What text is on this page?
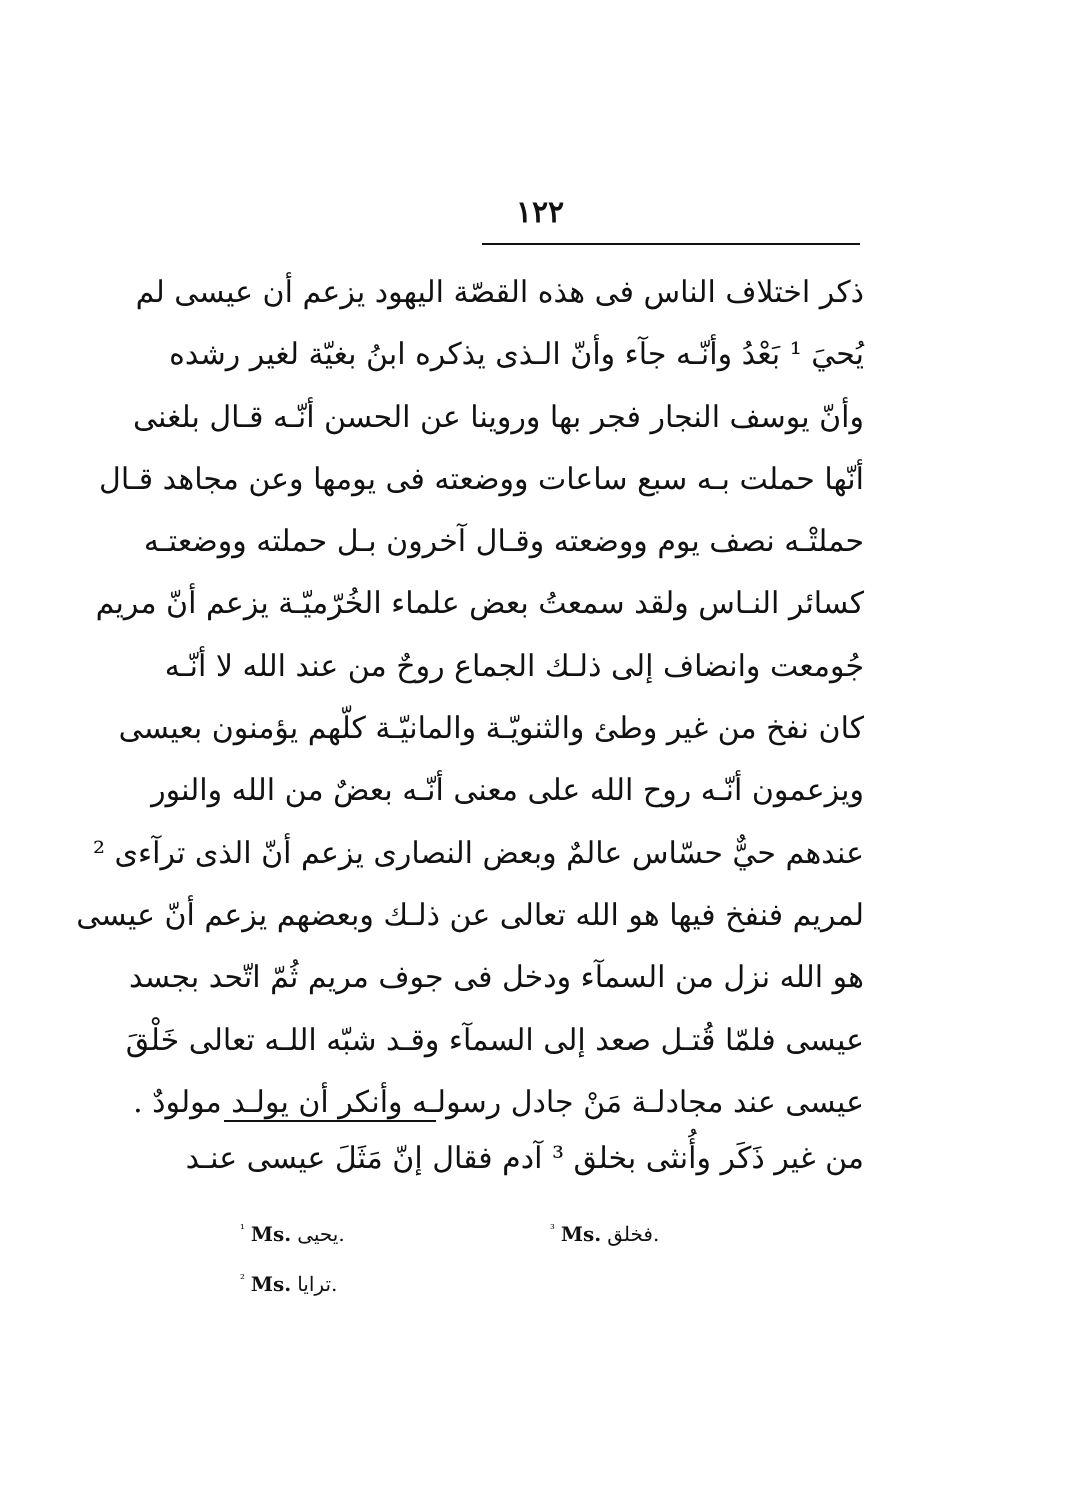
١٢٢
ذكر اختلاف الناس فى هذه القصّة اليهود يزعم أن عيسى لم
يُحيَ ¹ بَعْدُ وأنّـه جآء وأنّ الـذى يذكره ابنُ بغيّة لغير رشده
وأنّ يوسف النجار فجر بها وروينا عن الحسن أنّـه قـال بلغنى
أنّها حملت بـه سبع ساعات ووضعته فى يومها وعن مجاهد قـال
حملتْـه نصف يوم ووضعته وقـال آخرون بـل حملته ووضعتـه
كسائر النـاس ولقد سمعتُ بعض علماء الخُرّميّـة يزعم أنّ مريم
جُومعت وانضاف إلى ذلـك الجماع روحٌ من عند الله لا أنّـه
كان نفخ من غير وطئ والثنويّـة والمانيّـة كلّهم يؤمنون بعيسى
ويزعمون أنّـه روح الله على معنى أنّـه بعضٌ من الله والنور
عندهم حيٌّ حسّاس عالمٌ وبعض النصارى يزعم أنّ الذى ترآءى ²
لمريم فنفخ فيها هو الله تعالى عن ذلـك وبعضهم يزعم أنّ عيسى
هو الله نزل من السمآء ودخل فى جوف مريم ثُمّ اتّحد بجسد
عيسى فلمّا قُتـل صعد إلى السمآء وقـد شبّه اللـه تعالى خَلْقَ
عيسى عند مجادلـة مَنْ جادل رسولـه وأنكر أن يولـد مولودٌ .
من غير ذَكَر وأُنثى بخلق ³ آدم فقال إنّ مَثَلَ عيسى عنـد
$^{^1}$ Ms. يحيى.	$^{^3}$ Ms. فخلق.
$^{^2}$ Ms. ترايا.
